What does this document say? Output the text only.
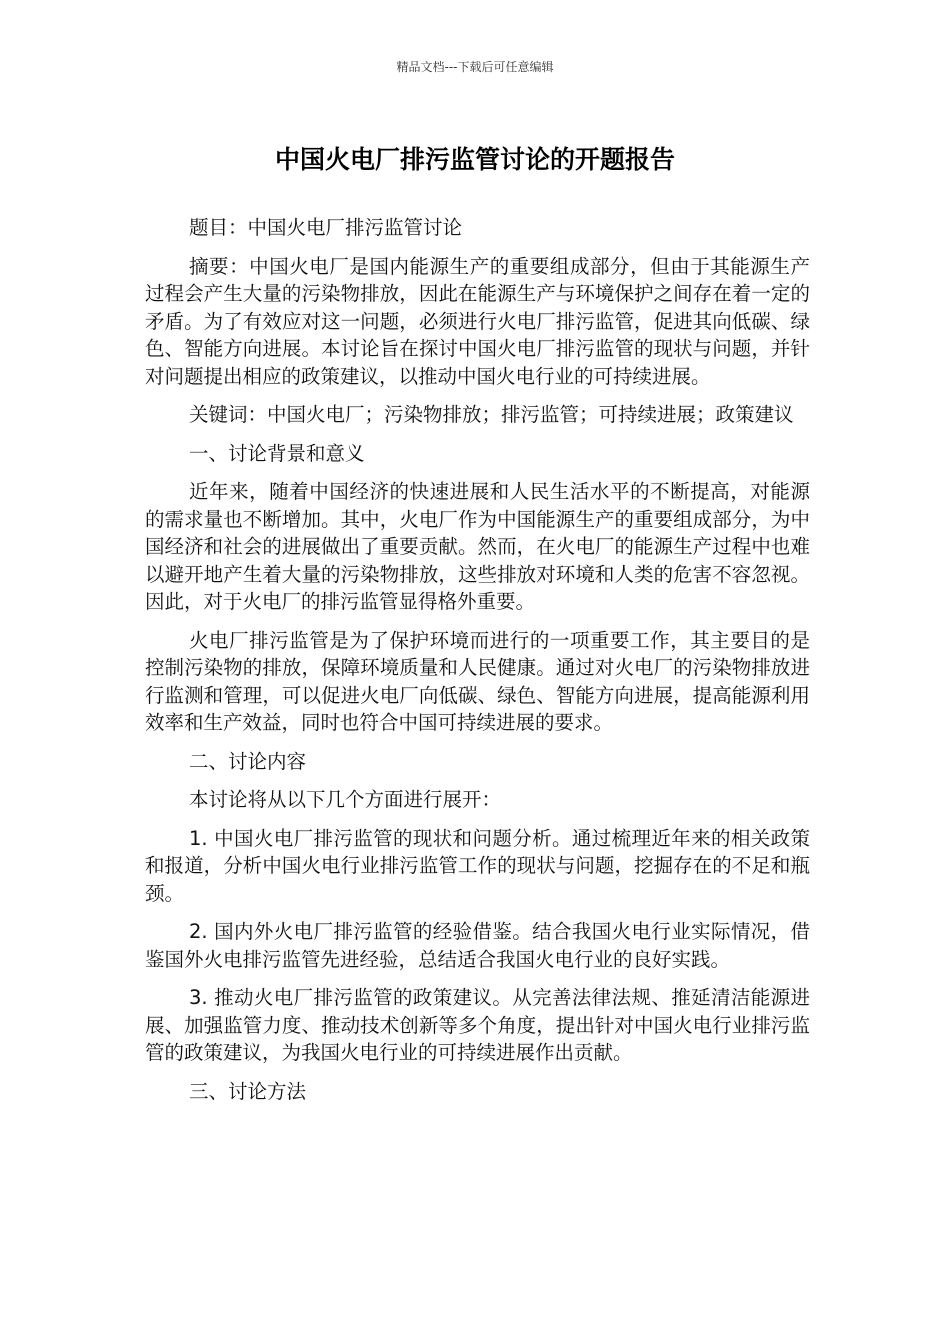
精品文档---下载后可任意编辑
中国火电厂排污监管讨论的开题报告

题目：中国火电厂排污监管讨论

摘要：中国火电厂是国内能源生产的重要组成部分，但由于其能源生产过程会产生大量的污染物排放，因此在能源生产与环境保护之间存在着一定的矛盾。为了有效应对这一问题，必须进行火电厂排污监管，促进其向低碳、绿色、智能方向进展。本讨论旨在探讨中国火电厂排污监管的现状与问题，并针对问题提出相应的政策建议，以推动中国火电行业的可持续进展。

关键词：中国火电厂；污染物排放；排污监管；可持续进展；政策建议

一、讨论背景和意义

近年来，随着中国经济的快速进展和人民生活水平的不断提高，对能源的需求量也不断增加。其中，火电厂作为中国能源生产的重要组成部分，为中国经济和社会的进展做出了重要贡献。然而，在火电厂的能源生产过程中也难以避开地产生着大量的污染物排放，这些排放对环境和人类的危害不容忽视。因此，对于火电厂的排污监管显得格外重要。

火电厂排污监管是为了保护环境而进行的一项重要工作，其主要目的是控制污染物的排放，保障环境质量和人民健康。通过对火电厂的污染物排放进行监测和管理，可以促进火电厂向低碳、绿色、智能方向进展，提高能源利用效率和生产效益，同时也符合中国可持续进展的要求。

二、讨论内容

本讨论将从以下几个方面进行展开：

1. 中国火电厂排污监管的现状和问题分析。通过梳理近年来的相关政策和报道，分析中国火电行业排污监管工作的现状与问题，挖掘存在的不足和瓶颈。

2. 国内外火电厂排污监管的经验借鉴。结合我国火电行业实际情况，借鉴国外火电排污监管先进经验，总结适合我国火电行业的良好实践。

3. 推动火电厂排污监管的政策建议。从完善法律法规、推延清洁能源进展、加强监管力度、推动技术创新等多个角度，提出针对中国火电行业排污监管的政策建议，为我国火电行业的可持续进展作出贡献。

三、讨论方法
